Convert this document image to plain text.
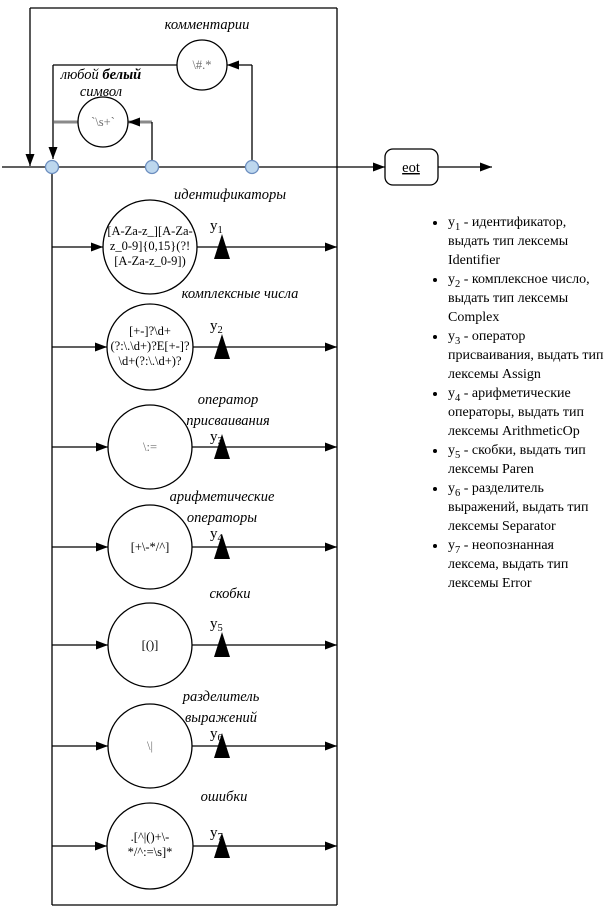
\#.*
комментарии
`\s+`
любой белый
символ
[A-Za-z_][A-Za-z_0-9]{0,15}(?! [A-Za-z_0-9])
идентификаторы
$y_1$
[+-]?\d+ (?:\.\d+)?E[+-]? \d+(?:\.\d+)?
комплексные числа
$y_2$
\:=
оператор
присваивания
$y_3$
[+\-*/^]
арифметические
операторы
$y_4$
[()]
скобки
$y_5$
\|
разделитель
выражений
$y_6$
.[^|()+\-*/^:=\s]*
ошибки
$y_7$
eot
• $y_1$ - идентификатор, выдать тип лексемы Identifier
• $y_2$ - комплексное число, выдать тип лексемы Complex
• $y_3$ - оператор присваивания, выдать тип лексемы Assign
• $y_4$ - арифметические операторы, выдать тип лексемы ArithmeticOp
• $y_5$ - скобки, выдать тип лексемы Paren
• $y_6$ - разделитель выражений, выдать тип лексемы Separator
• $y_7$ - неопознанная лексема, выдать тип лексемы Error
